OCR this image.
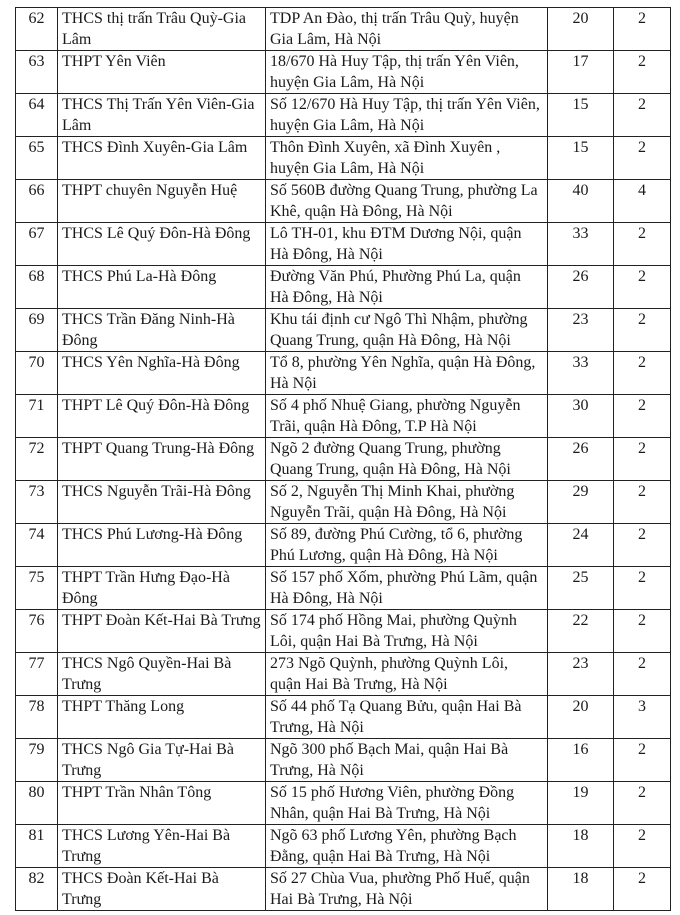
62	THCS thị trấn Trâu Quỳ-Gia Lâm	TDP An Đào, thị trấn Trâu Quỳ, huyện Gia Lâm, Hà Nội	20	2
63	THPT Yên Viên	18/670 Hà Huy Tập, thị trấn Yên Viên, huyện Gia Lâm, Hà Nội	17	2
64	THCS Thị Trấn Yên Viên-Gia Lâm	Số 12/670 Hà Huy Tập, thị trấn Yên Viên, huyện Gia Lâm, Hà Nội	15	2
65	THCS Đình Xuyên-Gia Lâm	Thôn Đình Xuyên, xã Đình Xuyên , huyện Gia Lâm, Hà Nội	15	2
66	THPT chuyên Nguyễn Huệ	Số 560B đường Quang Trung, phường La Khê, quận Hà Đông, Hà Nội	40	4
67	THCS Lê Quý Đôn-Hà Đông	Lô TH-01, khu ĐTM Dương Nội, quận Hà Đông, Hà Nội	33	2
68	THCS Phú La-Hà Đông	Đường Văn Phú, Phường Phú La, quận Hà Đông, Hà Nội	26	2
69	THCS Trần Đăng Ninh-Hà Đông	Khu tái định cư Ngô Thì Nhậm, phường Quang Trung, quận Hà Đông, Hà Nội	23	2
70	THCS Yên Nghĩa-Hà Đông	Tổ 8, phường Yên Nghĩa, quận Hà Đông, Hà Nội	33	2
71	THPT Lê Quý Đôn-Hà Đông	Số 4 phố Nhuệ Giang, phường Nguyễn Trãi, quận Hà Đông, T.P Hà Nội	30	2
72	THPT Quang Trung-Hà Đông	Ngõ 2 đường Quang Trung, phường Quang Trung, quận Hà Đông, Hà Nội	26	2
73	THCS Nguyễn Trãi-Hà Đông	Số 2, Nguyễn Thị Minh Khai, phường Nguyễn Trãi, quận Hà Đông, Hà Nội	29	2
74	THCS Phú Lương-Hà Đông	Số 89, đường Phú Cường, tổ 6, phường Phú Lương, quận Hà Đông, Hà Nội	24	2
75	THPT Trần Hưng Đạo-Hà Đông	Số 157 phố Xốm, phường Phú Lãm, quận Hà Đông, Hà Nội	25	2
76	THPT Đoàn Kết-Hai Bà Trưng	Số 174 phố Hồng Mai, phường Quỳnh Lôi, quận Hai Bà Trưng, Hà Nội	22	2
77	THCS Ngô Quyền-Hai Bà Trưng	273 Ngõ Quỳnh, phường Quỳnh Lôi, quận Hai Bà Trưng, Hà Nội	23	2
78	THPT Thăng Long	Số 44 phố Tạ Quang Bửu, quận Hai Bà Trưng, Hà Nội	20	3
79	THCS Ngô Gia Tự-Hai Bà Trưng	Ngõ 300 phố Bạch Mai, quận Hai Bà Trưng, Hà Nội	16	2
80	THPT Trần Nhân Tông	Số 15 phố Hương Viên, phường Đồng Nhân, quận Hai Bà Trưng, Hà Nội	19	2
81	THCS Lương Yên-Hai Bà Trưng	Ngõ 63 phố Lương Yên, phường Bạch Đằng, quận Hai Bà Trưng, Hà Nội	18	2
82	THCS Đoàn Kết-Hai Bà Trưng	Số 27 Chùa Vua, phường Phố Huế, quận Hai Bà Trưng, Hà Nội	18	2
